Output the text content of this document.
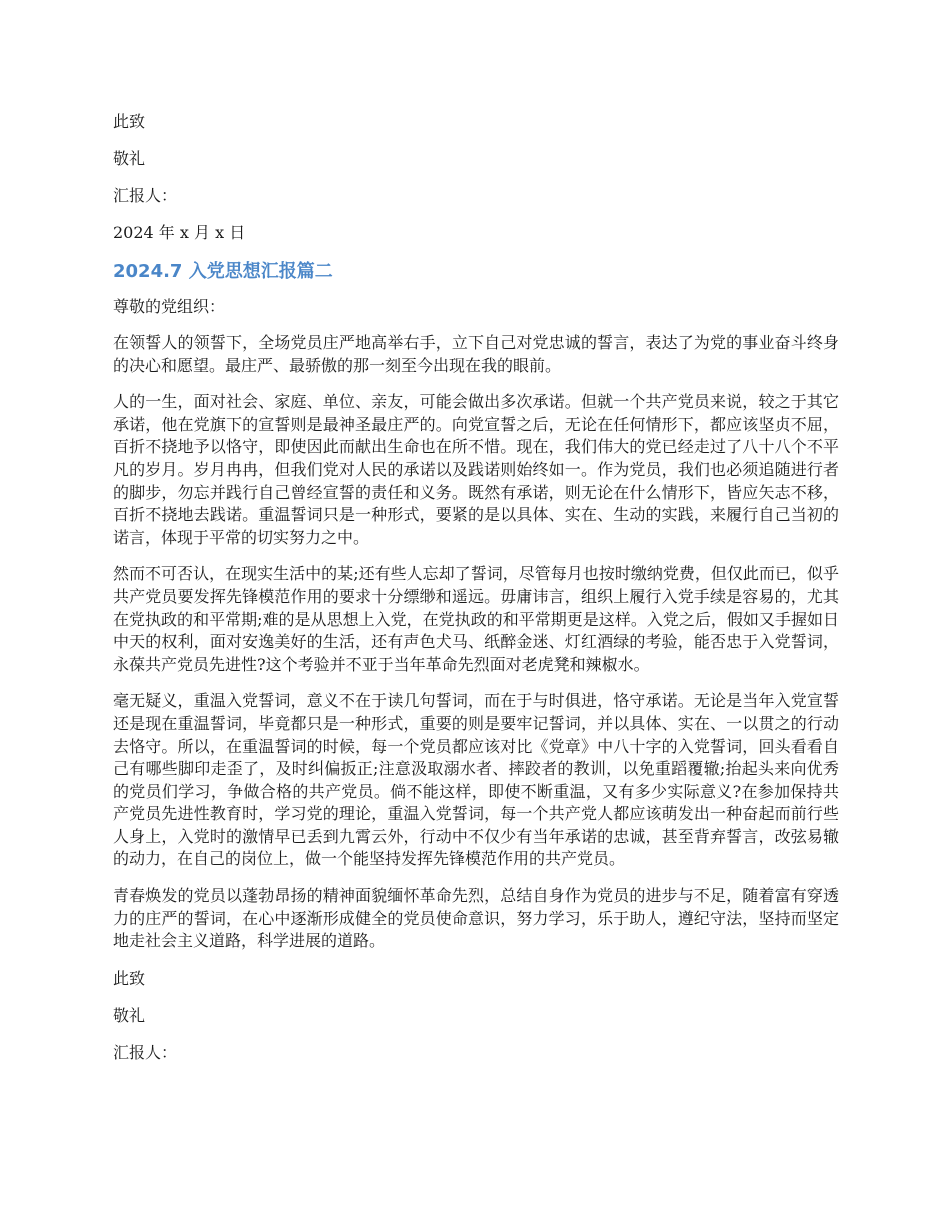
此致
敬礼
汇报人：
2024 年 x 月 x 日
2024.7 入党思想汇报篇二
尊敬的党组织：

在领誓人的领誓下，全场党员庄严地高举右手，立下自己对党忠诚的誓言，表达了为党的事业奋斗终身的决心和愿望。最庄严、最骄傲的那一刻至今出现在我的眼前。

人的一生，面对社会、家庭、单位、亲友，可能会做出多次承诺。但就一个共产党员来说，较之于其它承诺，他在党旗下的宣誓则是最神圣最庄严的。向党宣誓之后，无论在任何情形下，都应该坚贞不屈，百折不挠地予以恪守，即使因此而献出生命也在所不惜。现在，我们伟大的党已经走过了八十八个不平凡的岁月。岁月冉冉，但我们党对人民的承诺以及践诺则始终如一。作为党员，我们也必须追随进行者的脚步，勿忘并践行自己曾经宣誓的责任和义务。既然有承诺，则无论在什么情形下，皆应矢志不移，百折不挠地去践诺。重温誓词只是一种形式，要紧的是以具体、实在、生动的实践，来履行自己当初的诺言，体现于平常的切实努力之中。

然而不可否认，在现实生活中的某;还有些人忘却了誓词，尽管每月也按时缴纳党费，但仅此而已，似乎共产党员要发挥先锋模范作用的要求十分缥缈和遥远。毋庸讳言，组织上履行入党手续是容易的，尤其在党执政的和平常期;难的是从思想上入党，在党执政的和平常期更是这样。入党之后，假如又手握如日中天的权利，面对安逸美好的生活，还有声色犬马、纸醉金迷、灯红酒绿的考验，能否忠于入党誓词，永葆共产党员先进性?这个考验并不亚于当年革命先烈面对老虎凳和辣椒水。

毫无疑义，重温入党誓词，意义不在于读几句誓词，而在于与时俱进，恪守承诺。无论是当年入党宣誓还是现在重温誓词，毕竟都只是一种形式，重要的则是要牢记誓词，并以具体、实在、一以贯之的行动去恪守。所以，在重温誓词的时候，每一个党员都应该对比《党章》中八十字的入党誓词，回头看看自己有哪些脚印走歪了，及时纠偏扳正;注意汲取溺水者、摔跤者的教训，以免重蹈覆辙;抬起头来向优秀的党员们学习，争做合格的共产党员。倘不能这样，即使不断重温，又有多少实际意义?在参加保持共产党员先进性教育时，学习党的理论，重温入党誓词，每一个共产党人都应该萌发出一种奋起而前行些人身上，入党时的激情早已丢到九霄云外，行动中不仅少有当年承诺的忠诚，甚至背弃誓言，改弦易辙的动力，在自己的岗位上，做一个能坚持发挥先锋模范作用的共产党员。

青春焕发的党员以蓬勃昂扬的精神面貌缅怀革命先烈，总结自身作为党员的进步与不足，随着富有穿透力的庄严的誓词，在心中逐渐形成健全的党员使命意识，努力学习，乐于助人，遵纪守法，坚持而坚定地走社会主义道路，科学进展的道路。

此致
敬礼
汇报人：
